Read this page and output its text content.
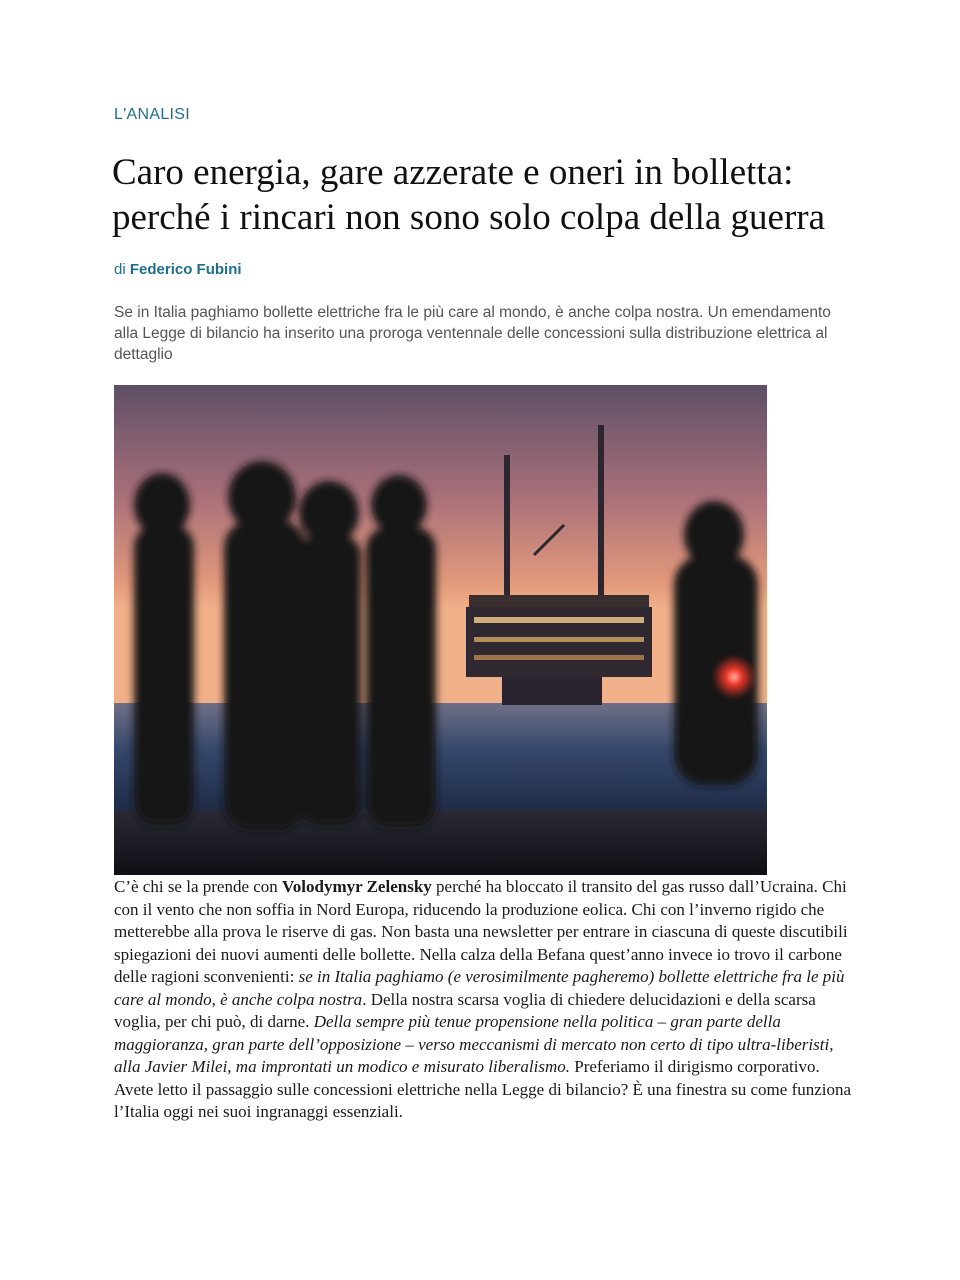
L'ANALISI
Caro energia, gare azzerate e oneri in bolletta:
perché i rincari non sono solo colpa della guerra
di Federico Fubini

Se in Italia paghiamo bollette elettriche fra le più care al mondo, è anche colpa nostra. Un emendamento alla Legge di bilancio ha inserito una proroga ventennale delle concessioni sulla distribuzione elettrica al dettaglio

C’è chi se la prende con Volodymyr Zelensky perché ha bloccato il transito del gas russo dall’Ucraina. Chi con il vento che non soffia in Nord Europa, riducendo la produzione eolica. Chi con l’inverno rigido che metterebbe alla prova le riserve di gas. Non basta una newsletter per entrare in ciascuna di queste discutibili spiegazioni dei nuovi aumenti delle bollette. Nella calza della Befana quest’anno invece io trovo il carbone delle ragioni sconvenienti: se in Italia paghiamo (e verosimilmente pagheremo) bollette elettriche fra le più care al mondo, è anche colpa nostra. Della nostra scarsa voglia di chiedere delucidazioni e della scarsa voglia, per chi può, di darne. Della sempre più tenue propensione nella politica – gran parte della maggioranza, gran parte dell’opposizione – verso meccanismi di mercato non certo di tipo ultra-liberisti, alla Javier Milei, ma improntati un modico e misurato liberalismo. Preferiamo il dirigismo corporativo. Avete letto il passaggio sulle concessioni elettriche nella Legge di bilancio? È una finestra su come funziona l’Italia oggi nei suoi ingranaggi essenziali.
